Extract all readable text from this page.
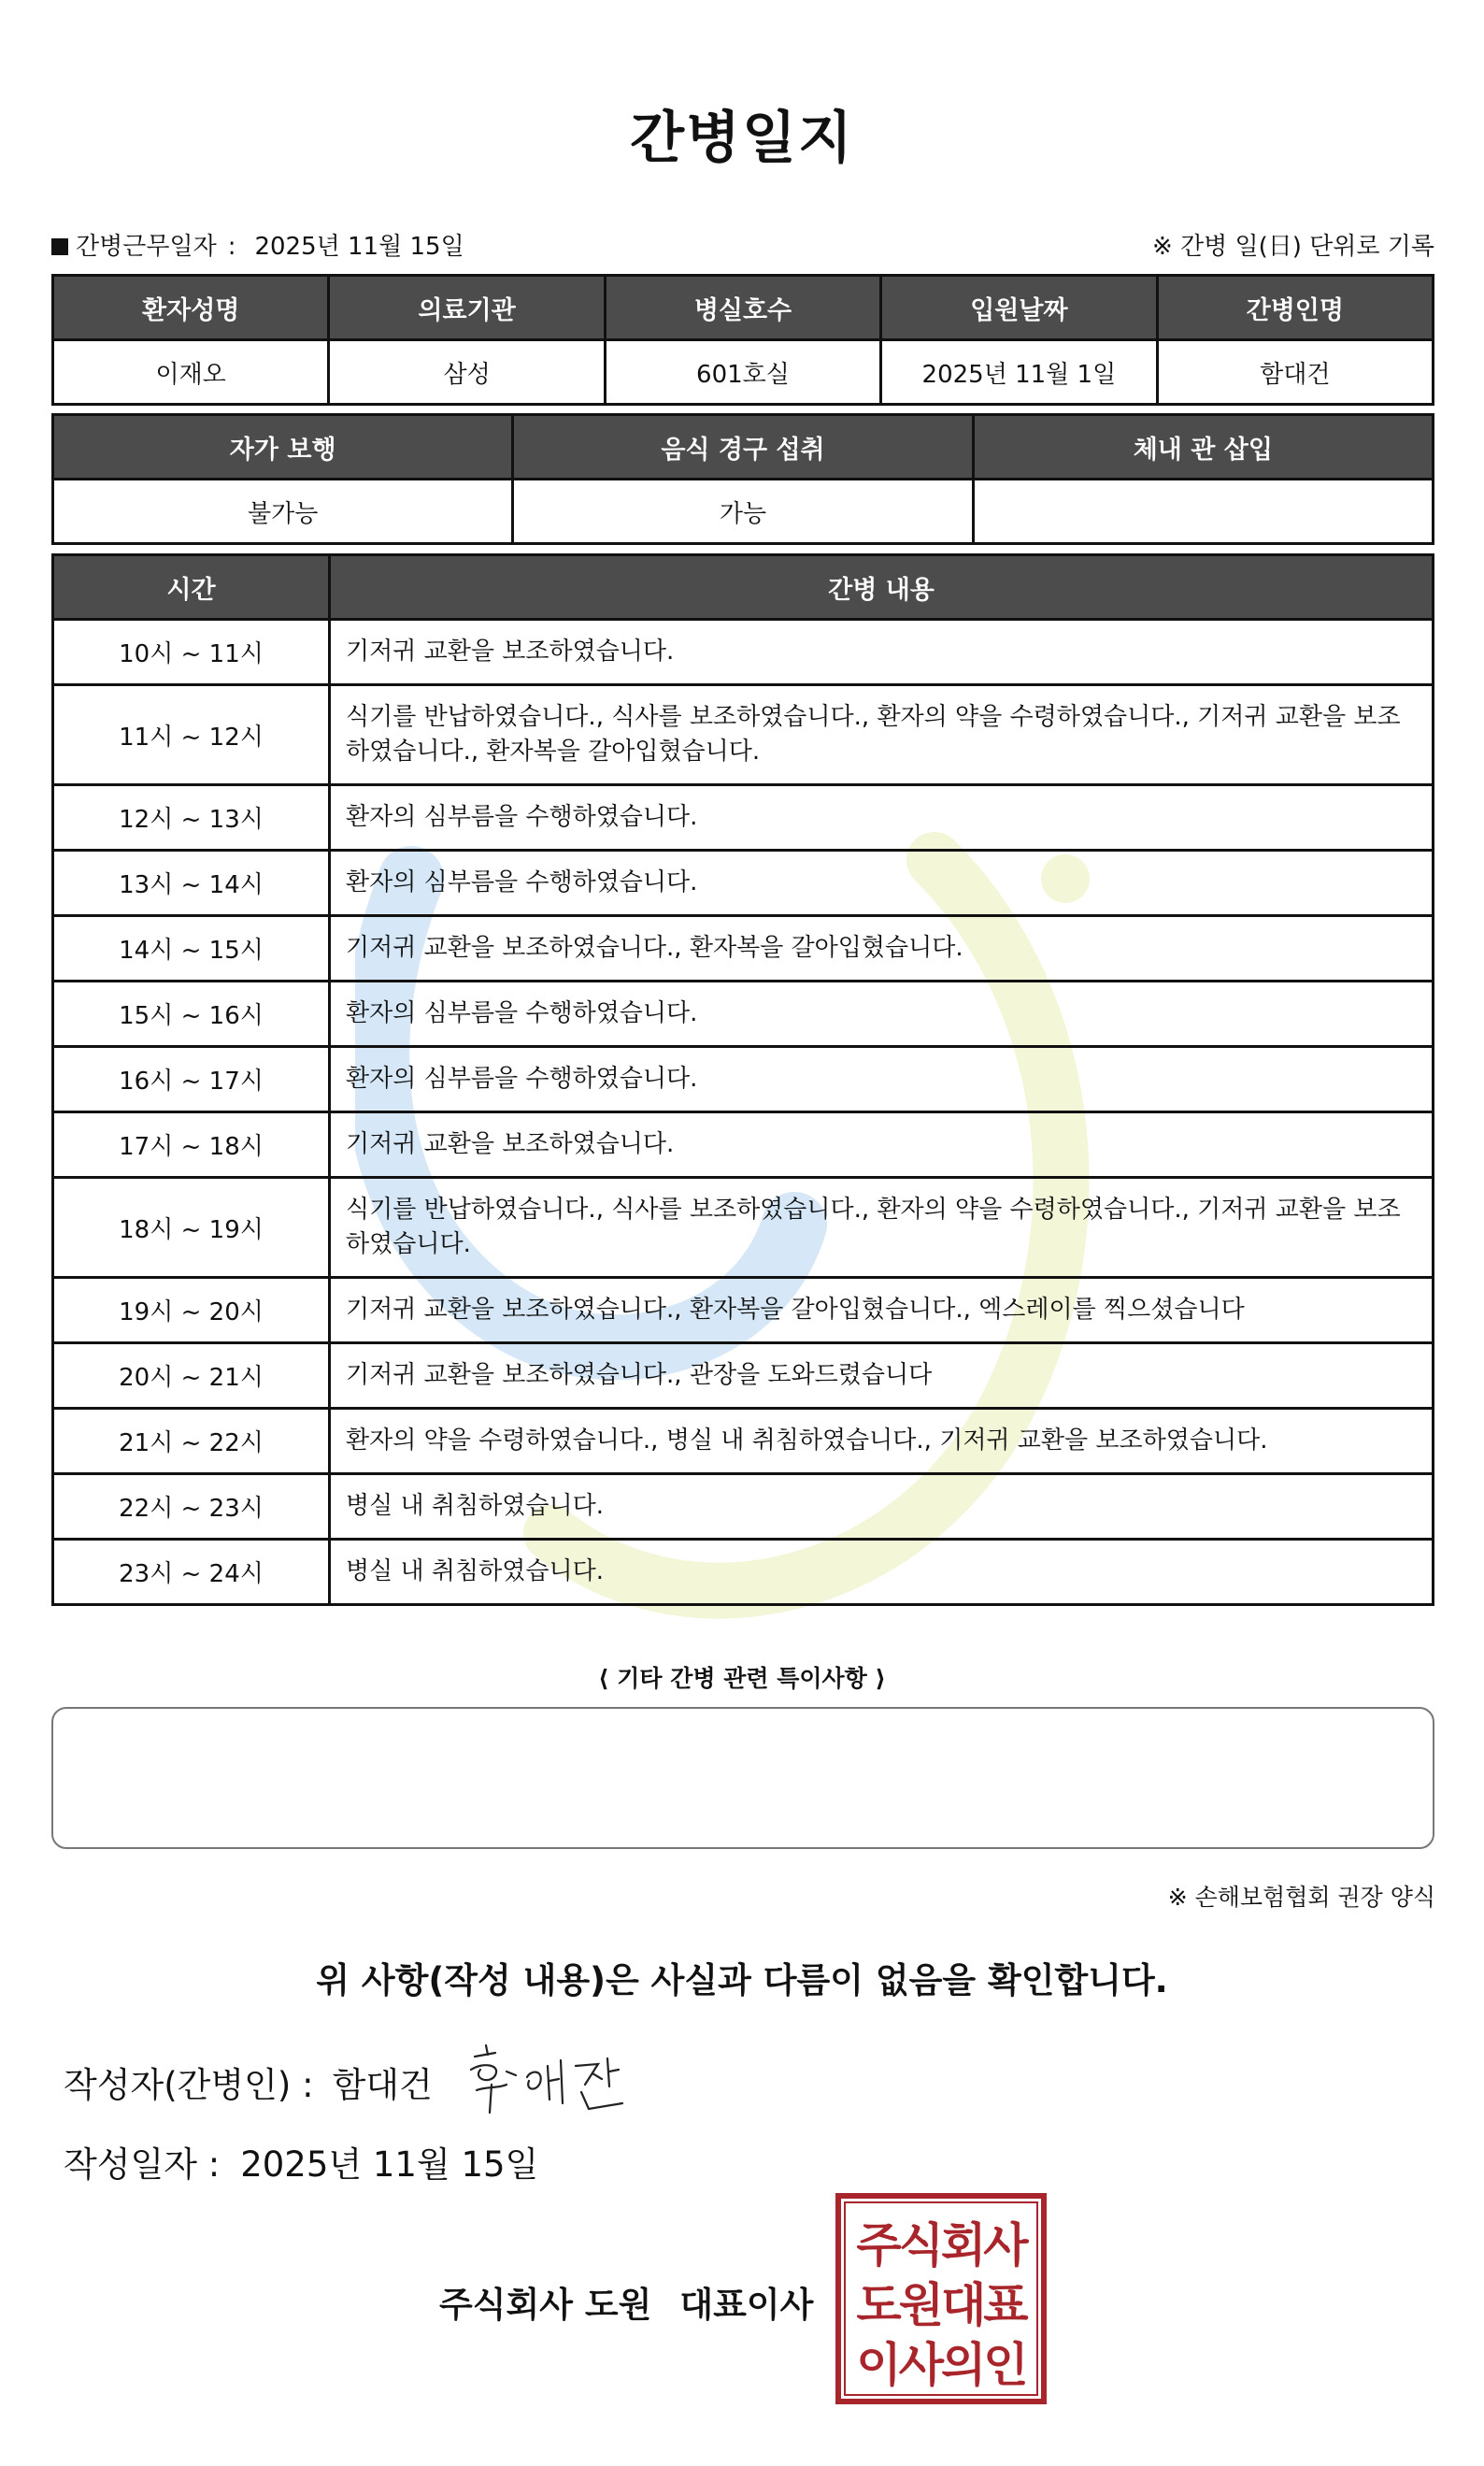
간병일지
간병근무일자 : 2025년 11월 15일	※ 간병 일(日) 단위로 기록
환자성명	의료기관	병실호수	입원날짜	간병인명
이재오	삼성	601호실	2025년 11월 1일	함대건
자가 보행	음식 경구 섭취	체내 관 삽입
불가능	가능	
시간	간병 내용
10시 ~ 11시	기저귀 교환을 보조하였습니다.
11시 ~ 12시	식기를 반납하였습니다., 식사를 보조하였습니다., 환자의 약을 수령하였습니다., 기저귀 교환을 보조하였습니다., 환자복을 갈아입혔습니다.
12시 ~ 13시	환자의 심부름을 수행하였습니다.
13시 ~ 14시	환자의 심부름을 수행하였습니다.
14시 ~ 15시	기저귀 교환을 보조하였습니다., 환자복을 갈아입혔습니다.
15시 ~ 16시	환자의 심부름을 수행하였습니다.
16시 ~ 17시	환자의 심부름을 수행하였습니다.
17시 ~ 18시	기저귀 교환을 보조하였습니다.
18시 ~ 19시	식기를 반납하였습니다., 식사를 보조하였습니다., 환자의 약을 수령하였습니다., 기저귀 교환을 보조하였습니다.
19시 ~ 20시	기저귀 교환을 보조하였습니다., 환자복을 갈아입혔습니다., 엑스레이를 찍으셨습니다
20시 ~ 21시	기저귀 교환을 보조하였습니다., 관장을 도와드렸습니다
21시 ~ 22시	환자의 약을 수령하였습니다., 병실 내 취침하였습니다., 기저귀 교환을 보조하였습니다.
22시 ~ 23시	병실 내 취침하였습니다.
23시 ~ 24시	병실 내 취침하였습니다.
⟨ 기타 간병 관련 특이사항 ⟩
※ 손해보험협회 권장 양식
위 사항(작성 내용)은 사실과 다름이 없음을 확인합니다.
작성자(간병인) : 함대건
작성일자 : 2025년 11월 15일
주식회사 도원 대표이사
주식회사
도원대표
이사의인
